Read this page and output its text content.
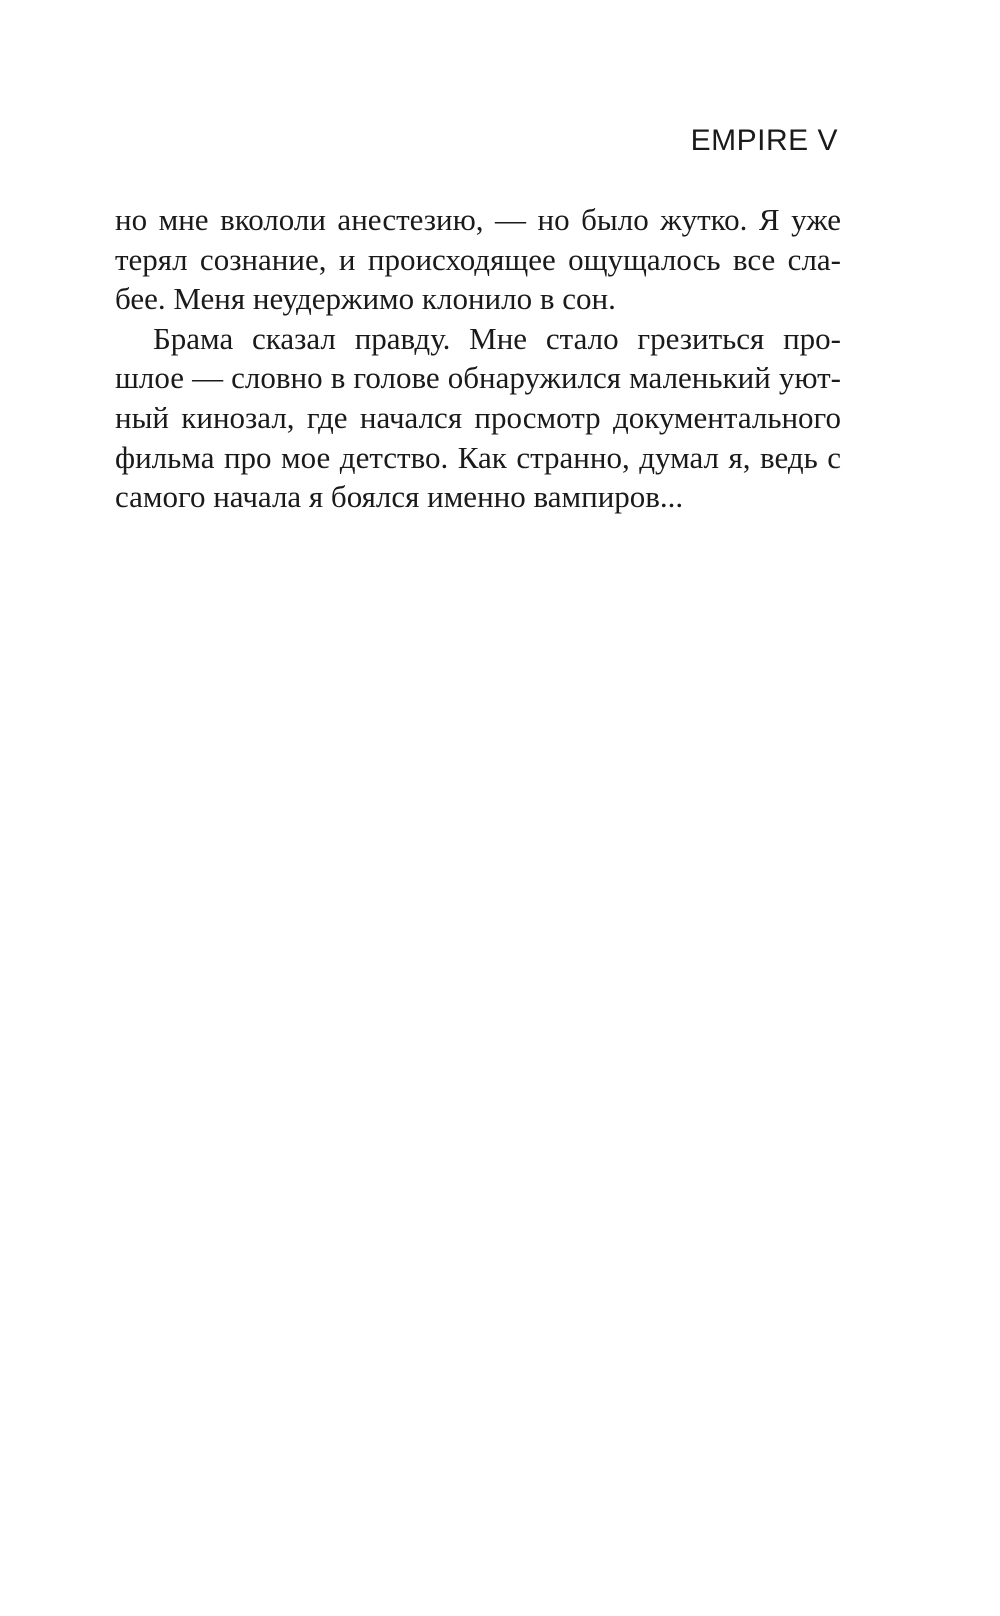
EMPIRE V
но мне вкололи анестезию, — но было жутко. Я уже
терял сознание, и происходящее ощущалось все сла-
бее. Меня неудержимо клонило в сон.
Брама сказал правду. Мне стало грезиться про-
шлое — словно в голове обнаружился маленький уют-
ный кинозал, где начался просмотр документального
фильма про мое детство. Как странно, думал я, ведь с
самого начала я боялся именно вампиров...
